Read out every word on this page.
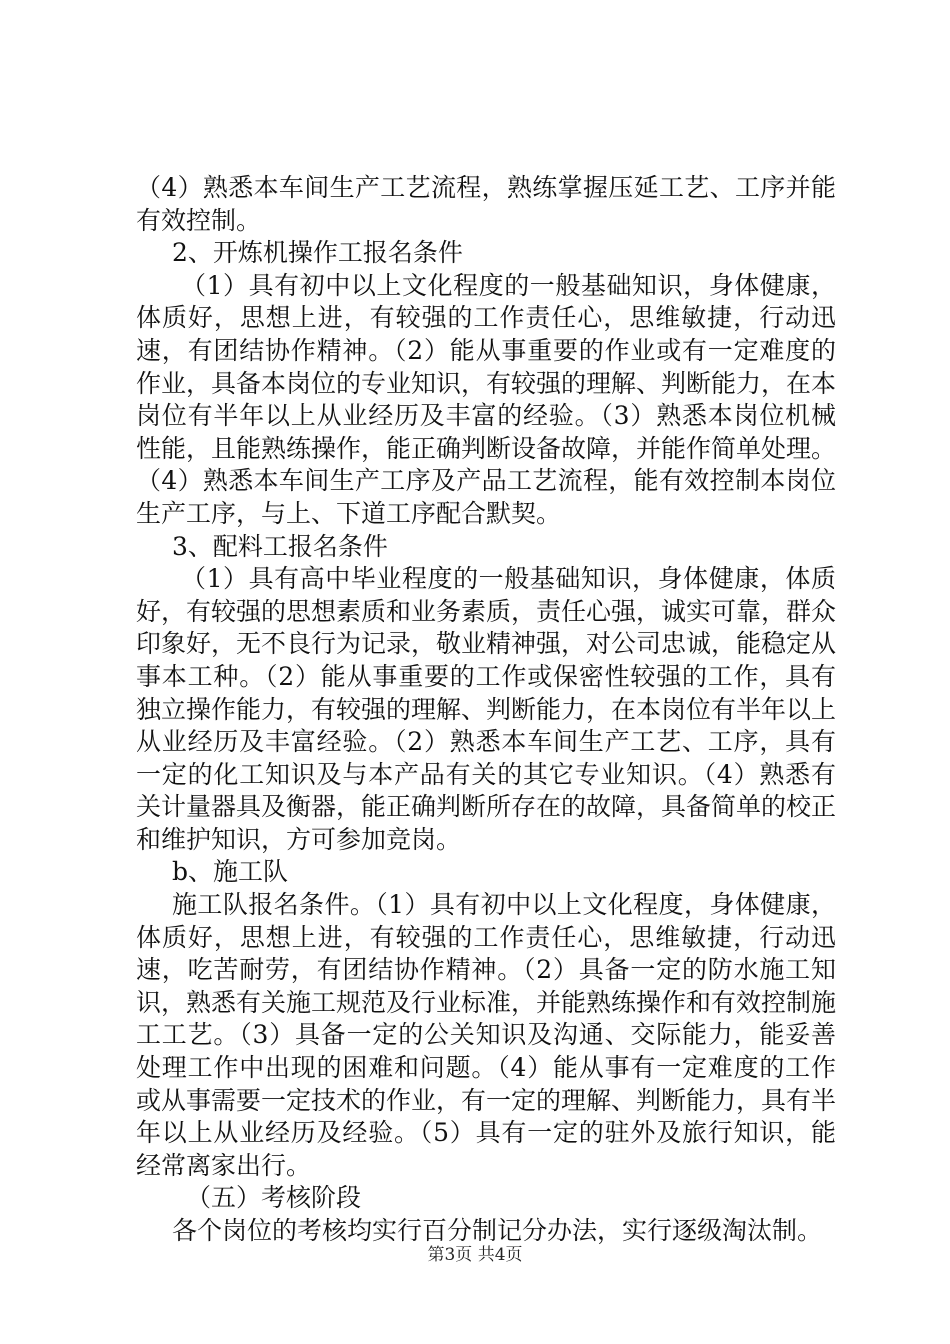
（4）熟悉本车间生产工艺流程，熟练掌握压延工艺、工序并能有效控制。

2、开炼机操作工报名条件

（1）具有初中以上文化程度的一般基础知识，身体健康，体质好，思想上进，有较强的工作责任心，思维敏捷，行动迅速，有团结协作精神。（2）能从事重要的作业或有一定难度的作业，具备本岗位的专业知识，有较强的理解、判断能力，在本岗位有半年以上从业经历及丰富的经验。（3）熟悉本岗位机械性能，且能熟练操作，能正确判断设备故障，并能作简单处理。（4）熟悉本车间生产工序及产品工艺流程，能有效控制本岗位生产工序，与上、下道工序配合默契。

3、配料工报名条件

（1）具有高中毕业程度的一般基础知识，身体健康，体质好，有较强的思想素质和业务素质，责任心强，诚实可靠，群众印象好，无不良行为记录，敬业精神强，对公司忠诚，能稳定从事本工种。（2）能从事重要的工作或保密性较强的工作，具有独立操作能力，有较强的理解、判断能力，在本岗位有半年以上从业经历及丰富经验。（2）熟悉本车间生产工艺、工序，具有一定的化工知识及与本产品有关的其它专业知识。（4）熟悉有关计量器具及衡器，能正确判断所存在的故障，具备简单的校正和维护知识，方可参加竞岗。

b、施工队

施工队报名条件。（1）具有初中以上文化程度，身体健康，体质好，思想上进，有较强的工作责任心，思维敏捷，行动迅速，吃苦耐劳，有团结协作精神。（2）具备一定的防水施工知识，熟悉有关施工规范及行业标准，并能熟练操作和有效控制施工工艺。（3）具备一定的公关知识及沟通、交际能力，能妥善处理工作中出现的困难和问题。（4）能从事有一定难度的工作或从事需要一定技术的作业，有一定的理解、判断能力，具有半年以上从业经历及经验。（5）具有一定的驻外及旅行知识，能经常离家出行。

（五）考核阶段

各个岗位的考核均实行百分制记分办法，实行逐级淘汰制。

第3页 共4页
